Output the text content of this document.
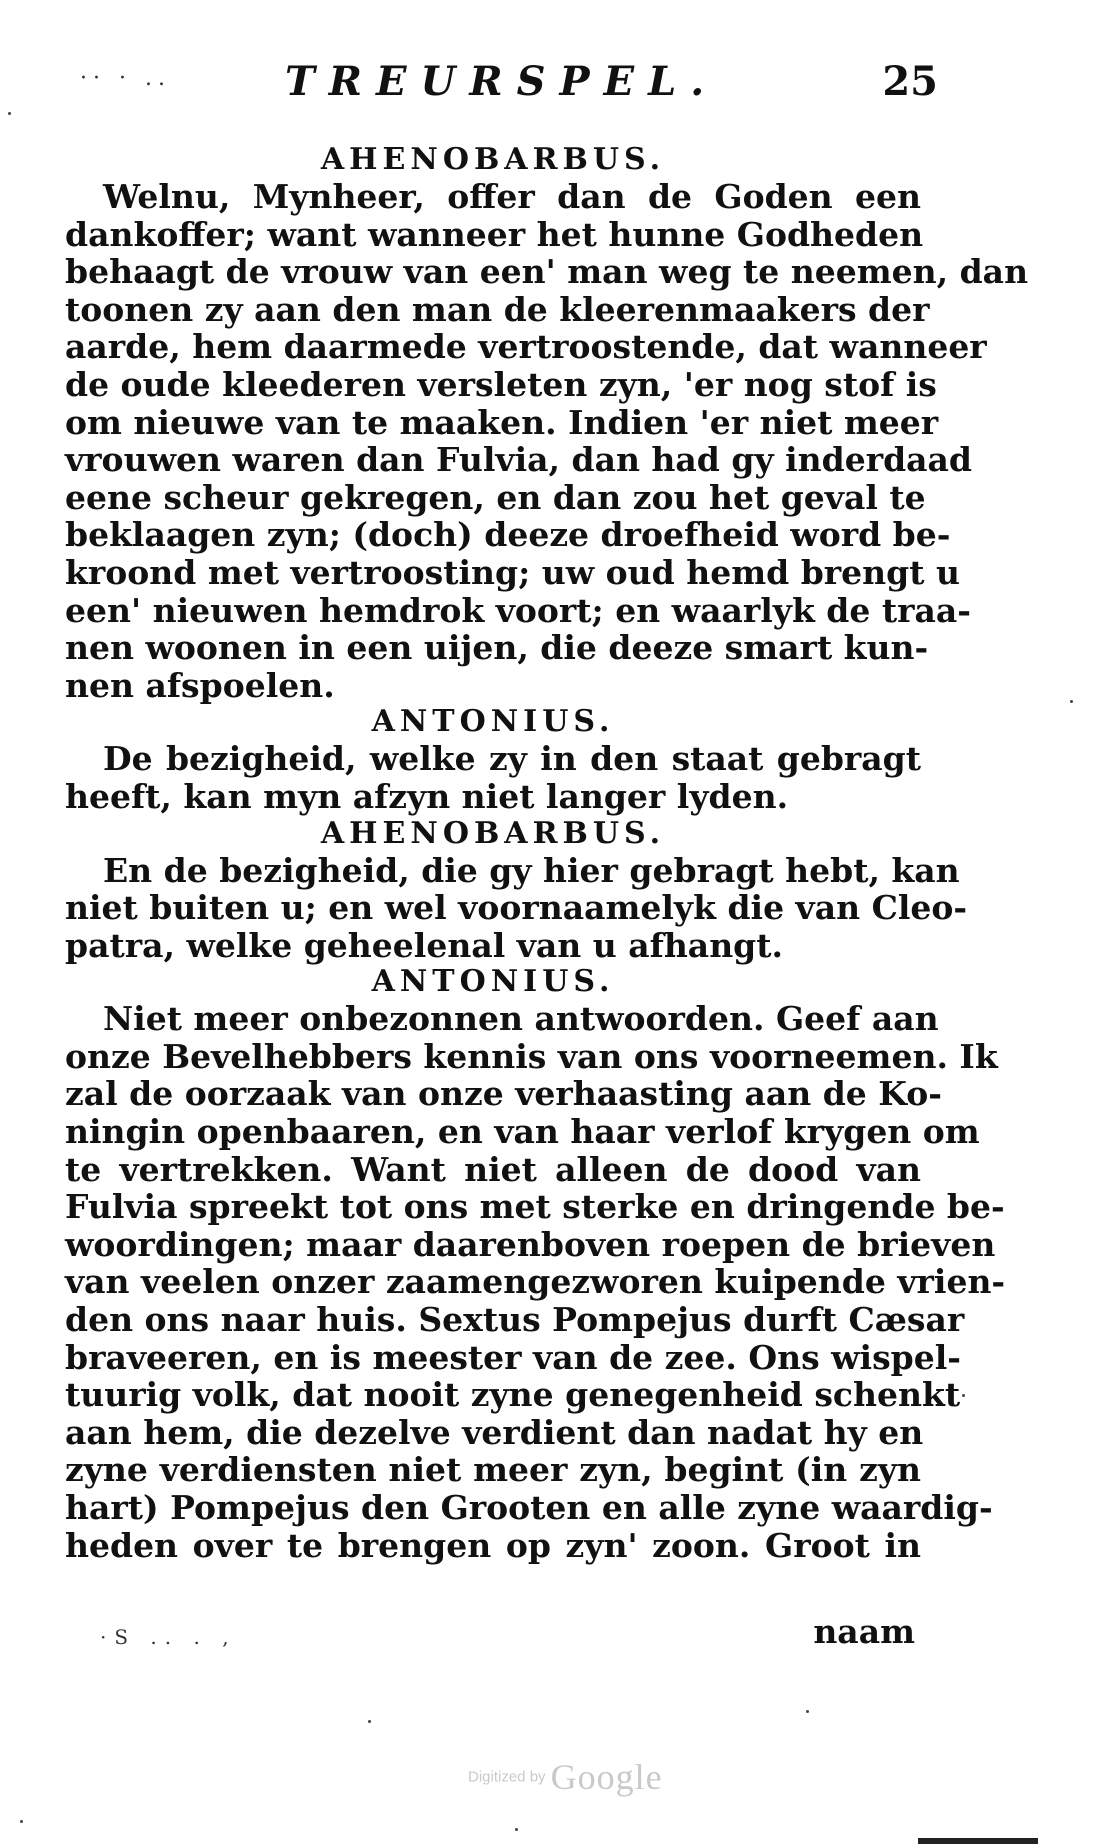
·· · ..	TREURSPEL.	25
AHENOBARBUS.
Welnu, Mynheer, offer dan de Goden een
dankoffer; want wanneer het hunne Godheden
behaagt de vrouw van een' man weg te neemen, dan
toonen zy aan den man de kleerenmaakers der
aarde, hem daarmede vertroostende, dat wanneer
de oude kleederen versleten zyn, 'er nog stof is
om nieuwe van te maaken. Indien 'er niet meer
vrouwen waren dan Fulvia, dan had gy inderdaad
eene scheur gekregen, en dan zou het geval te
beklaagen zyn; (doch) deeze droefheid word be-
kroond met vertroosting; uw oud hemd brengt u
een' nieuwen hemdrok voort; en waarlyk de traa-
nen woonen in een uijen, die deeze smart kun-
nen afspoelen.
ANTONIUS.
De bezigheid, welke zy in den staat gebragt
heeft, kan myn afzyn niet langer lyden.
AHENOBARBUS.
En de bezigheid, die gy hier gebragt hebt, kan
niet buiten u; en wel voornaamelyk die van Cleo-
patra, welke geheelenal van u afhangt.
ANTONIUS.
Niet meer onbezonnen antwoorden. Geef aan
onze Bevelhebbers kennis van ons voorneemen. Ik
zal de oorzaak van onze verhaasting aan de Ko-
ningin openbaaren, en van haar verlof krygen om
te vertrekken. Want niet alleen de dood van
Fulvia spreekt tot ons met sterke en dringende be-
woordingen; maar daarenboven roepen de brieven
van veelen onzer zaamengezworen kuipende vrien-
den ons naar huis. Sextus Pompejus durft Cæsar
braveeren, en is meester van de zee. Ons wispel-
tuurig volk, dat nooit zyne genegenheid schenkt
aan hem, die dezelve verdient dan nadat hy en
zyne verdiensten niet meer zyn, begint (in zyn
hart) Pompejus den Grooten en alle zyne waardig-
heden over te brengen op zyn' zoon. Groot in
·S .. . ,	naam
Digitized by Google
